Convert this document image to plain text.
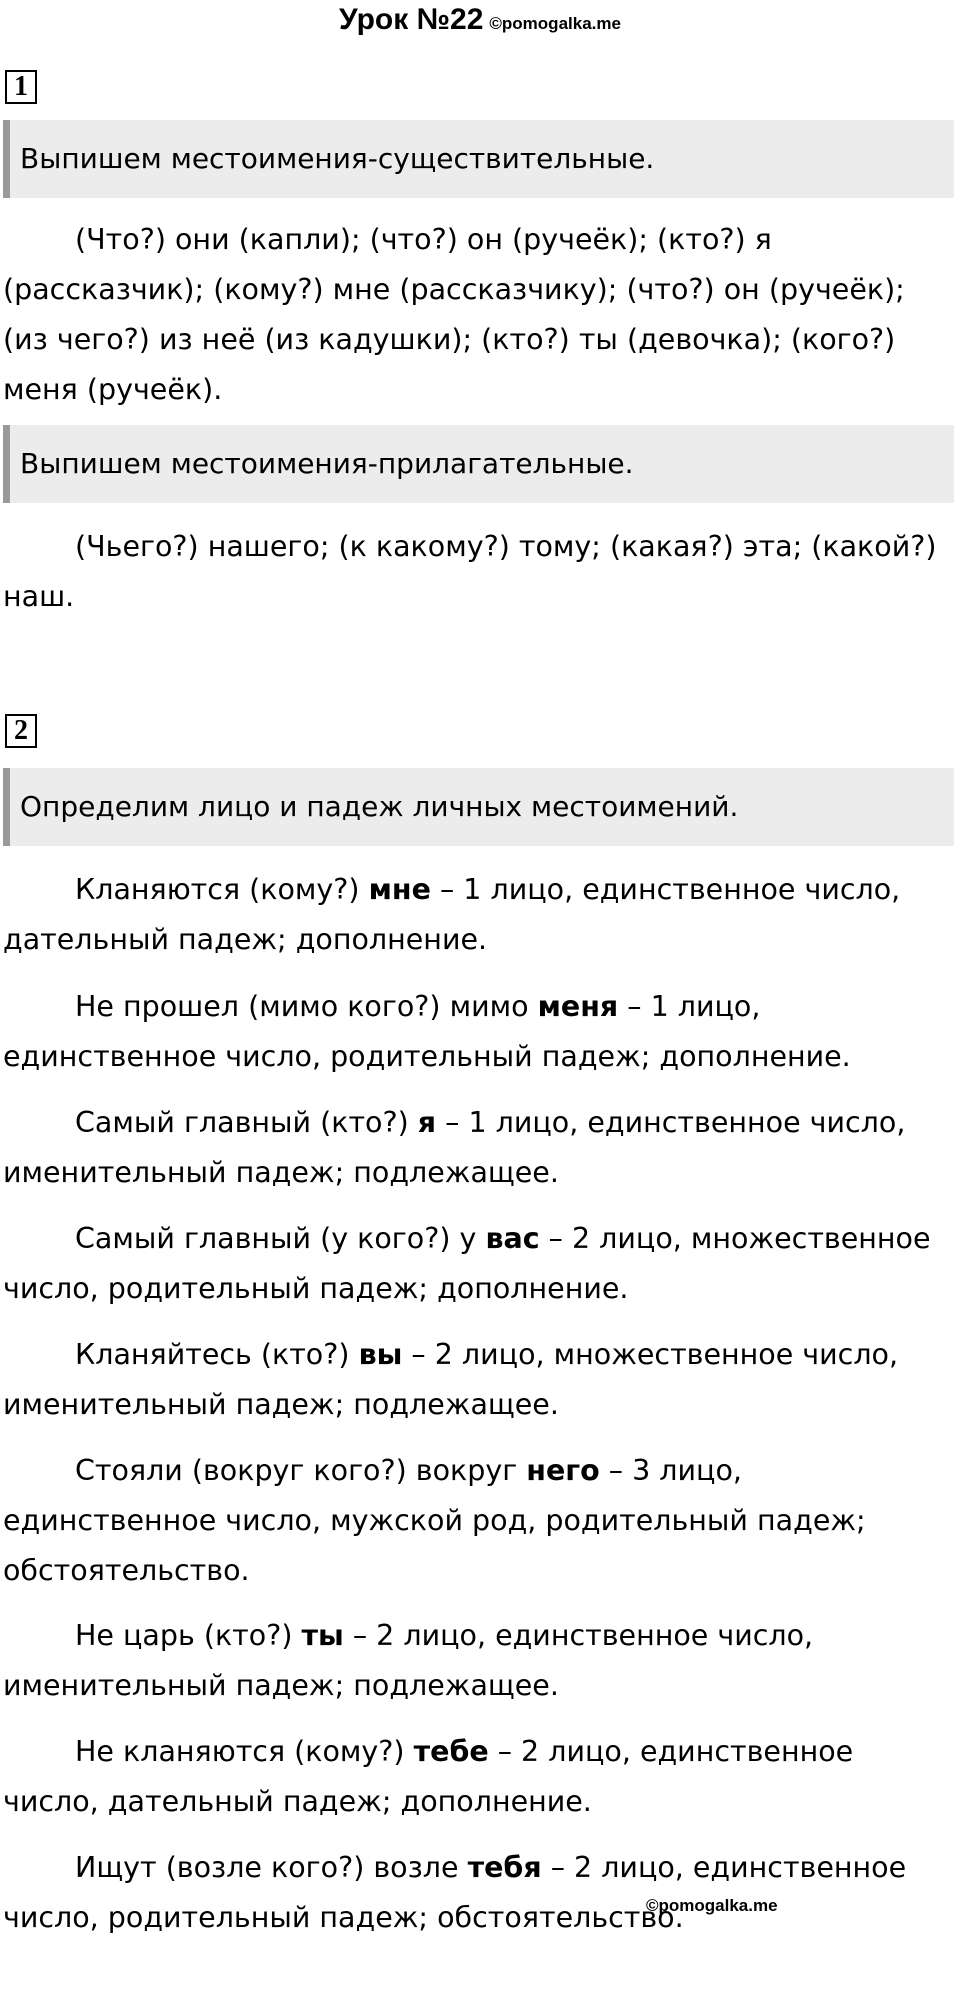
Урок №22 ©pomogalka.me
1
Выпишем местоимения-существительные.
(Что?) они (капли); (что?) он (ручеёк); (кто?) я
(рассказчик); (кому?) мне (рассказчику); (что?) он (ручеёк);
(из чего?) из неё (из кадушки); (кто?) ты (девочка); (кого?)
меня (ручеёк).
Выпишем местоимения-прилагательные.
(Чьего?) нашего; (к какому?) тому; (какая?) эта; (какой?)
наш.
2
Определим лицо и падеж личных местоимений.
Кланяются (кому?) мне – 1 лицо, единственное число,
дательный падеж; дополнение.
Не прошел (мимо кого?) мимо меня – 1 лицо,
единственное число, родительный падеж; дополнение.
Самый главный (кто?) я – 1 лицо, единственное число,
именительный падеж; подлежащее.
Самый главный (у кого?) у вас – 2 лицо, множественное
число, родительный падеж; дополнение.
Кланяйтесь (кто?) вы – 2 лицо, множественное число,
именительный падеж; подлежащее.
Стояли (вокруг кого?) вокруг него – 3 лицо,
единственное число, мужской род, родительный падеж;
обстоятельство.
Не царь (кто?) ты – 2 лицо, единственное число,
именительный падеж; подлежащее.
Не кланяются (кому?) тебе – 2 лицо, единственное
число, дательный падеж; дополнение.
Ищут (возле кого?) возле тебя – 2 лицо, единственное
число, родительный падеж; обстоятельство.
©pomogalka.me
